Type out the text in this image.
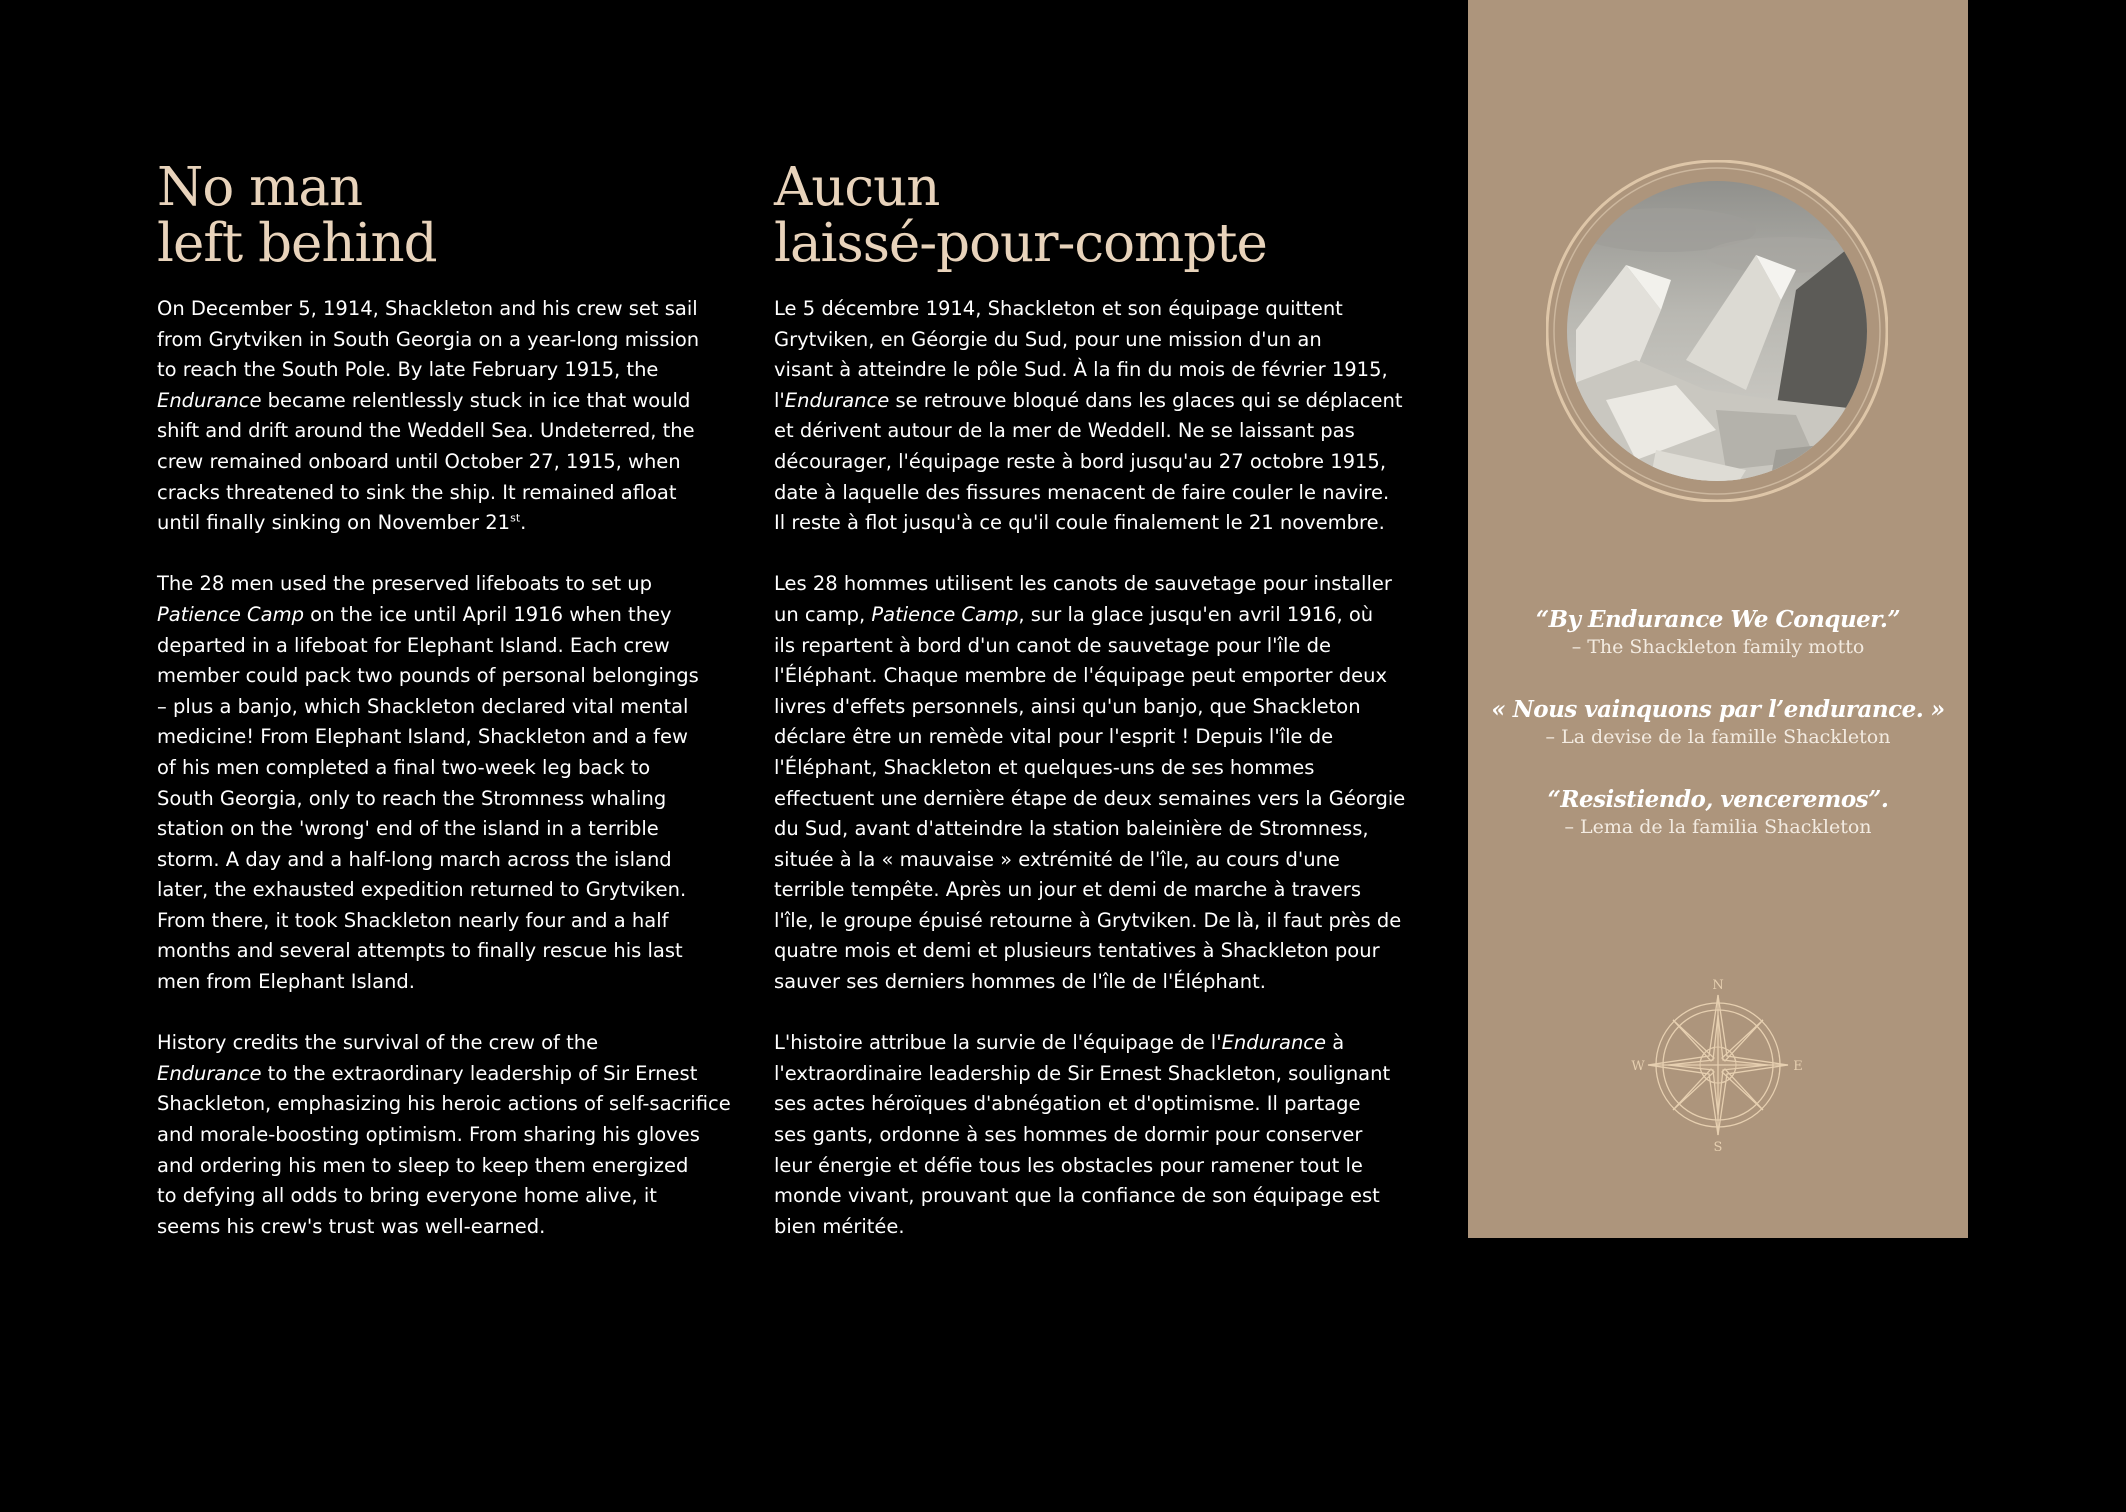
No man
left behind
On December 5, 1914, Shackleton and his crew set sail
from Grytviken in South Georgia on a year-long mission
to reach the South Pole. By late February 1915, the
Endurance became relentlessly stuck in ice that would
shift and drift around the Weddell Sea. Undeterred, the
crew remained onboard until October 27, 1915, when
cracks threatened to sink the ship. It remained afloat
until finally sinking on November 21st.
The 28 men used the preserved lifeboats to set up
Patience Camp on the ice until April 1916 when they
departed in a lifeboat for Elephant Island. Each crew
member could pack two pounds of personal belongings
– plus a banjo, which Shackleton declared vital mental
medicine! From Elephant Island, Shackleton and a few
of his men completed a final two-week leg back to
South Georgia, only to reach the Stromness whaling
station on the 'wrong' end of the island in a terrible
storm. A day and a half-long march across the island
later, the exhausted expedition returned to Grytviken.
From there, it took Shackleton nearly four and a half
months and several attempts to finally rescue his last
men from Elephant Island.
History credits the survival of the crew of the
Endurance to the extraordinary leadership of Sir Ernest
Shackleton, emphasizing his heroic actions of self-sacrifice
and morale-boosting optimism. From sharing his gloves
and ordering his men to sleep to keep them energized
to defying all odds to bring everyone home alive, it
seems his crew's trust was well-earned.
Aucun
laissé-pour-compte
Le 5 décembre 1914, Shackleton et son équipage quittent
Grytviken, en Géorgie du Sud, pour une mission d'un an
visant à atteindre le pôle Sud. À la fin du mois de février 1915,
l'Endurance se retrouve bloqué dans les glaces qui se déplacent
et dérivent autour de la mer de Weddell. Ne se laissant pas
décourager, l'équipage reste à bord jusqu'au 27 octobre 1915,
date à laquelle des fissures menacent de faire couler le navire.
Il reste à flot jusqu'à ce qu'il coule finalement le 21 novembre.
Les 28 hommes utilisent les canots de sauvetage pour installer
un camp, Patience Camp, sur la glace jusqu'en avril 1916, où
ils repartent à bord d'un canot de sauvetage pour l'île de
l'Éléphant. Chaque membre de l'équipage peut emporter deux
livres d'effets personnels, ainsi qu'un banjo, que Shackleton
déclare être un remède vital pour l'esprit ! Depuis l'île de
l'Éléphant, Shackleton et quelques-uns de ses hommes
effectuent une dernière étape de deux semaines vers la Géorgie
du Sud, avant d'atteindre la station baleinière de Stromness,
située à la « mauvaise » extrémité de l'île, au cours d'une
terrible tempête. Après un jour et demi de marche à travers
l'île, le groupe épuisé retourne à Grytviken. De là, il faut près de
quatre mois et demi et plusieurs tentatives à Shackleton pour
sauver ses derniers hommes de l'île de l'Éléphant.
L'histoire attribue la survie de l'équipage de l'Endurance à
l'extraordinaire leadership de Sir Ernest Shackleton, soulignant
ses actes héroïques d'abnégation et d'optimisme. Il partage
ses gants, ordonne à ses hommes de dormir pour conserver
leur énergie et défie tous les obstacles pour ramener tout le
monde vivant, prouvant que la confiance de son équipage est
bien méritée.
“By Endurance We Conquer.”
– The Shackleton family motto
« Nous vainquons par l’endurance. »
– La devise de la famille Shackleton
“Resistiendo, venceremos”.
– Lema de la familia Shackleton
N
S
E
W
